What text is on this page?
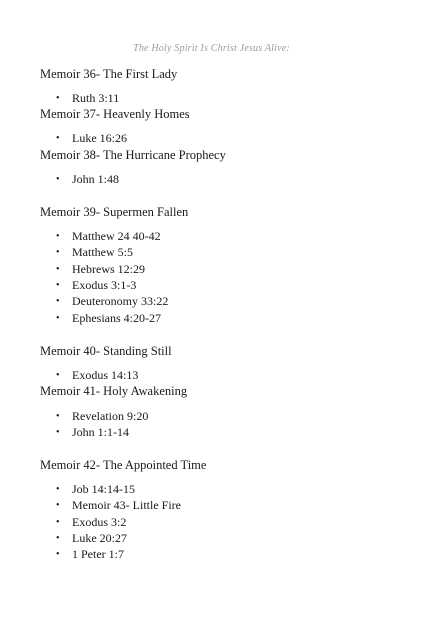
The Holy Spirit Is Christ Jesus Alive:
Memoir 36- The First Lady
• Ruth 3:11
Memoir 37- Heavenly Homes
• Luke 16:26
Memoir 38- The Hurricane Prophecy
• John 1:48
Memoir 39- Supermen Fallen
• Matthew 24 40-42
• Matthew 5:5
• Hebrews 12:29
• Exodus 3:1-3
• Deuteronomy 33:22
• Ephesians 4:20-27
Memoir 40- Standing Still
• Exodus 14:13
Memoir 41- Holy Awakening
• Revelation 9:20
• John 1:1-14
Memoir 42- The Appointed Time
• Job 14:14-15
• Memoir 43- Little Fire
• Exodus 3:2
• Luke 20:27
• 1 Peter 1:7
